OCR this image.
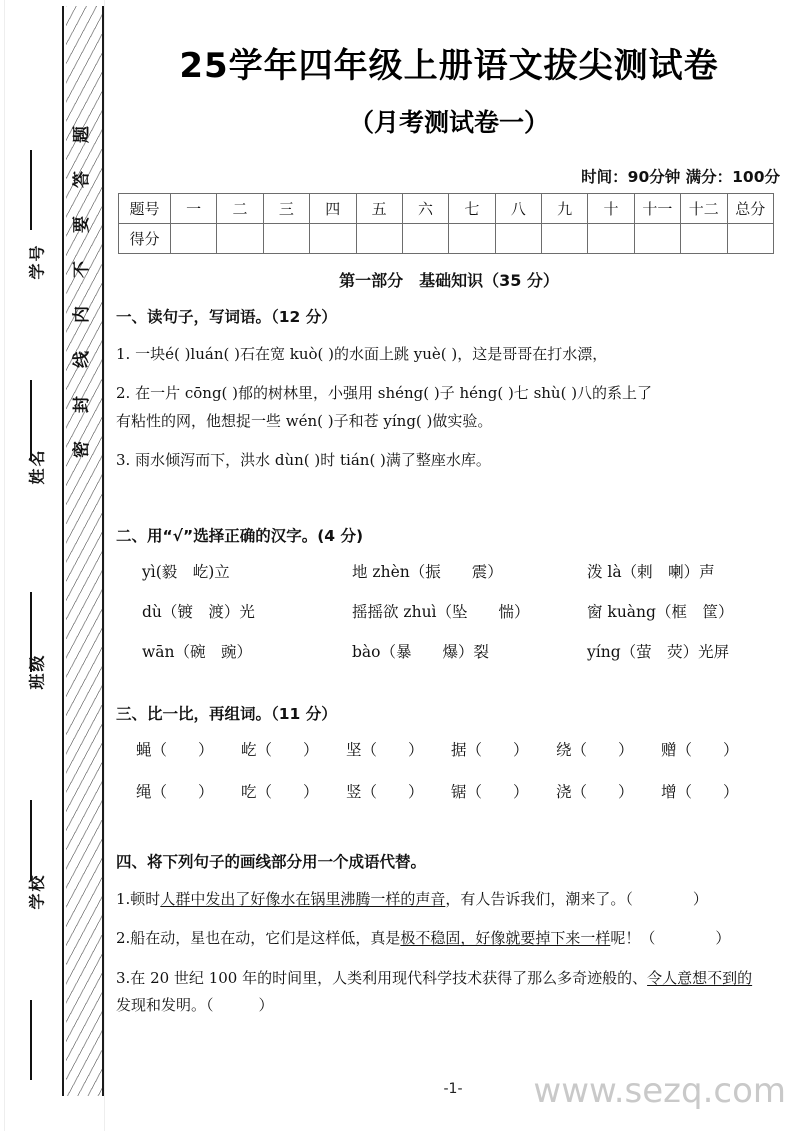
题
答
要
不
内
线
封
密
学号
姓名
班级
学校
25学年四年级上册语文拔尖测试卷
（月考测试卷一）
时间：90分钟 满分：100分
题号	一	二	三	四	五	六	七	八	九	十	十一	十二	总分
得分													
第一部分　基础知识（35 分）
一、读句子，写词语。（12 分）
1. 一块é( )luán( )石在宽 kuò( )的水面上跳 yuè( )，这是哥哥在打水漂，
2. 在一片 cōng( )郁的树林里，小强用 shéng( )子 héng( )七 shù( )八的系上了
有粘性的网，他想捉一些 wén( )子和苍 yíng( )做实验。
3. 雨水倾泻而下，洪水 dùn( )时 tián( )满了整座水库。
二、用“√”选择正确的汉字。(4 分)
yì(毅　屹)立	地 zhèn（振　　震）	泼 là（剌　喇）声
dù（镀　渡）光	摇摇欲 zhuì（坠　　惴）	窗 kuàng（框　筐）
wān（碗　豌）	bào（暴　　爆）裂	yíng（萤　荧）光屏
三、比一比，再组词。（11 分）
蝇（　　）	屹（　　）	坚（　　）	据（　　）	绕（　　）	赠（　　）
绳（　　）	吃（　　）	竖（　　）	锯（　　）	浇（　　）	增（　　）
四、将下列句子的画线部分用一个成语代替。
1.顿时人群中发出了好像水在锅里沸腾一样的声音，有人告诉我们，潮来了。（　　　　）
2.船在动，星也在动，它们是这样低，真是极不稳固，好像就要掉下来一样呢！（　　　　）
3.在 20 世纪 100 年的时间里，人类利用现代科学技术获得了那么多奇迹般的、令人意想不到的
发现和发明。（　　　）
-1-	www.sezq.com
